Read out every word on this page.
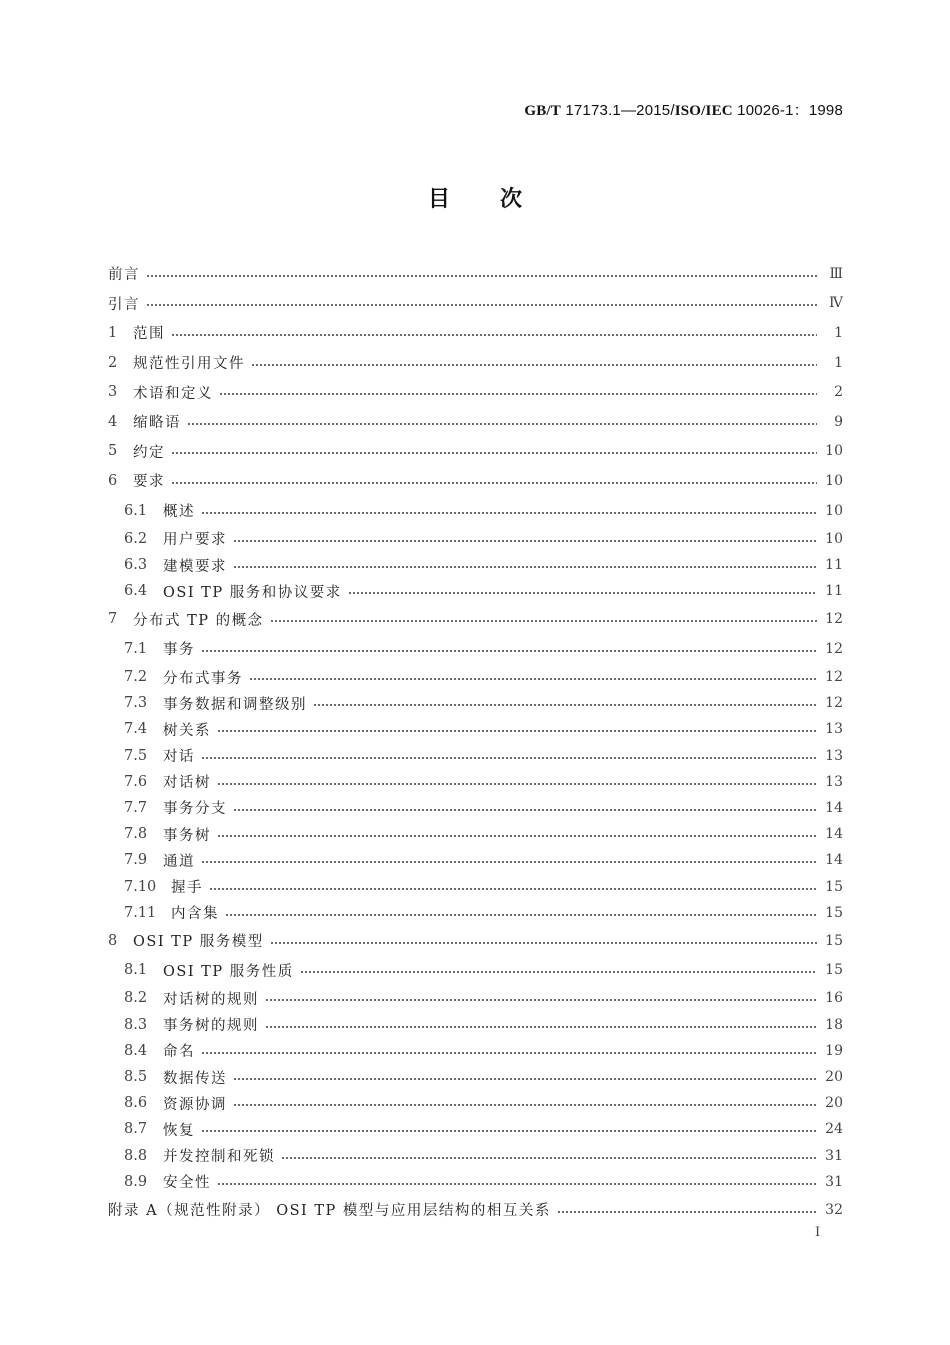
GB/T 17173.1—2015/ISO/IEC 10026-1：1998
目次
前言	Ⅲ
引言	Ⅳ
1	范围	1
2	规范性引用文件	1
3	术语和定义	2
4	缩略语	9
5	约定	10
6	要求	10
6.1	概述	10
6.2	用户要求	10
6.3	建模要求	11
6.4	OSI TP 服务和协议要求	11
7	分布式 TP 的概念	12
7.1	事务	12
7.2	分布式事务	12
7.3	事务数据和调整级别	12
7.4	树关系	13
7.5	对话	13
7.6	对话树	13
7.7	事务分支	14
7.8	事务树	14
7.9	通道	14
7.10	握手	15
7.11	内含集	15
8	OSI TP 服务模型	15
8.1	OSI TP 服务性质	15
8.2	对话树的规则	16
8.3	事务树的规则	18
8.4	命名	19
8.5	数据传送	20
8.6	资源协调	20
8.7	恢复	24
8.8	并发控制和死锁	31
8.9	安全性	31
附录 A（规范性附录） OSI TP 模型与应用层结构的相互关系	32
I
